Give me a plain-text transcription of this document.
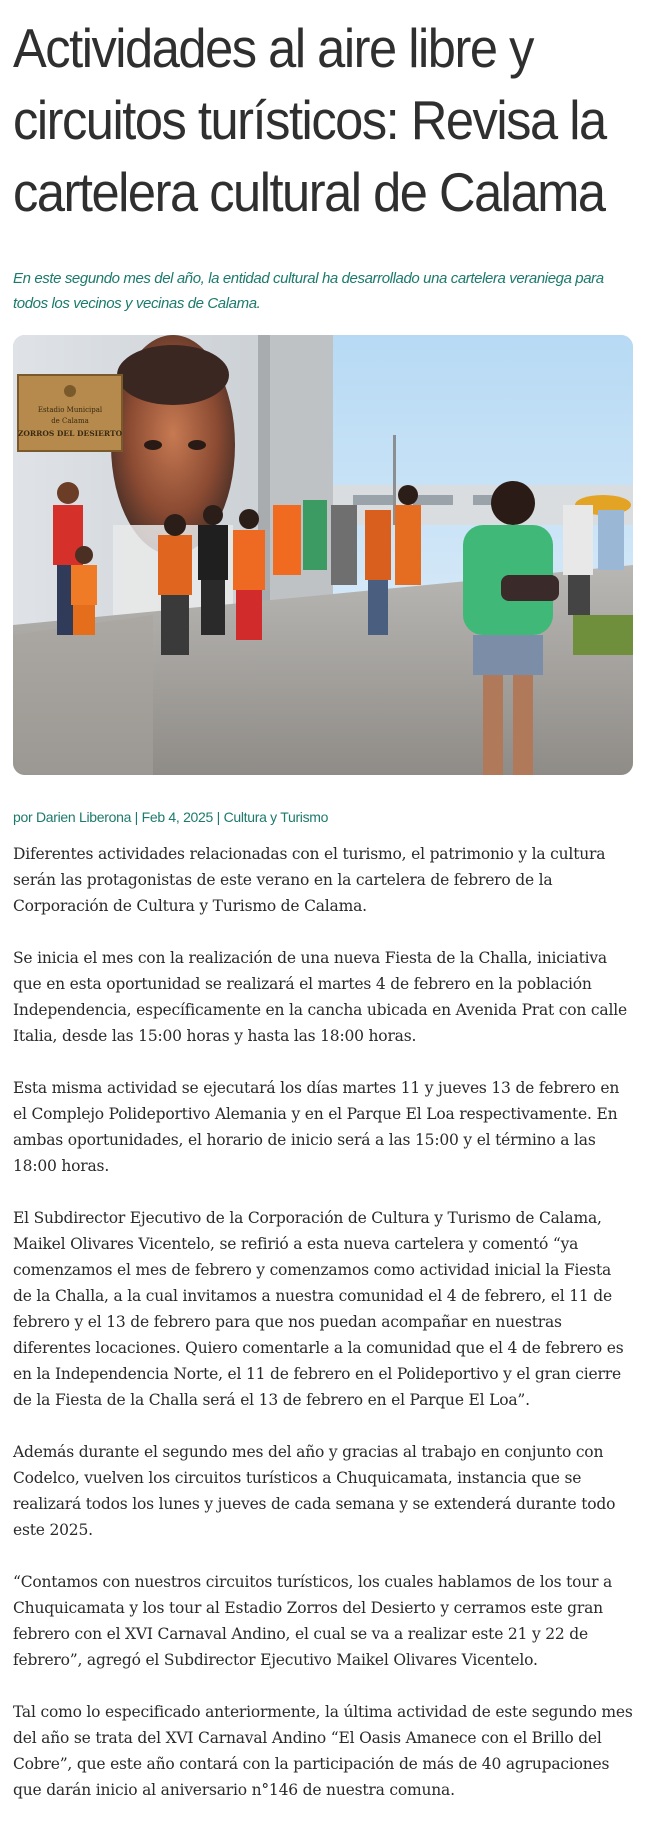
Actividades al aire libre y circuitos turísticos: Revisa la cartelera cultural de Calama

En este segundo mes del año, la entidad cultural ha desarrollado una cartelera veraniega para todos los vecinos y vecinas de Calama.

Estadio Municipal
de Calama
ZORROS DEL DESIERTO
por Darien Liberona | Feb 4, 2025 | Cultura y Turismo

Diferentes actividades relacionadas con el turismo, el patrimonio y la cultura serán las protagonistas de este verano en la cartelera de febrero de la Corporación de Cultura y Turismo de Calama.

Se inicia el mes con la realización de una nueva Fiesta de la Challa, iniciativa que en esta oportunidad se realizará el martes 4 de febrero en la población Independencia, específicamente en la cancha ubicada en Avenida Prat con calle Italia, desde las 15:00 horas y hasta las 18:00 horas.

Esta misma actividad se ejecutará los días martes 11 y jueves 13 de febrero en el Complejo Polideportivo Alemania y en el Parque El Loa respectivamente. En ambas oportunidades, el horario de inicio será a las 15:00 y el término a las 18:00 horas.

El Subdirector Ejecutivo de la Corporación de Cultura y Turismo de Calama, Maikel Olivares Vicentelo, se refirió a esta nueva cartelera y comentó “ya comenzamos el mes de febrero y comenzamos como actividad inicial la Fiesta de la Challa, a la cual invitamos a nuestra comunidad el 4 de febrero, el 11 de febrero y el 13 de febrero para que nos puedan acompañar en nuestras diferentes locaciones. Quiero comentarle a la comunidad que el 4 de febrero es en la Independencia Norte, el 11 de febrero en el Polideportivo y el gran cierre de la Fiesta de la Challa será el 13 de febrero en el Parque El Loa”.

Además durante el segundo mes del año y gracias al trabajo en conjunto con Codelco, vuelven los circuitos turísticos a Chuquicamata, instancia que se realizará todos los lunes y jueves de cada semana y se extenderá durante todo este 2025.

“Contamos con nuestros circuitos turísticos, los cuales hablamos de los tour a Chuquicamata y los tour al Estadio Zorros del Desierto y cerramos este gran febrero con el XVI Carnaval Andino, el cual se va a realizar este 21 y 22 de febrero”, agregó el Subdirector Ejecutivo Maikel Olivares Vicentelo.

Tal como lo especificado anteriormente, la última actividad de este segundo mes del año se trata del XVI Carnaval Andino “El Oasis Amanece con el Brillo del Cobre”, que este año contará con la participación de más de 40 agrupaciones que darán inicio al aniversario n°146 de nuestra comuna.
